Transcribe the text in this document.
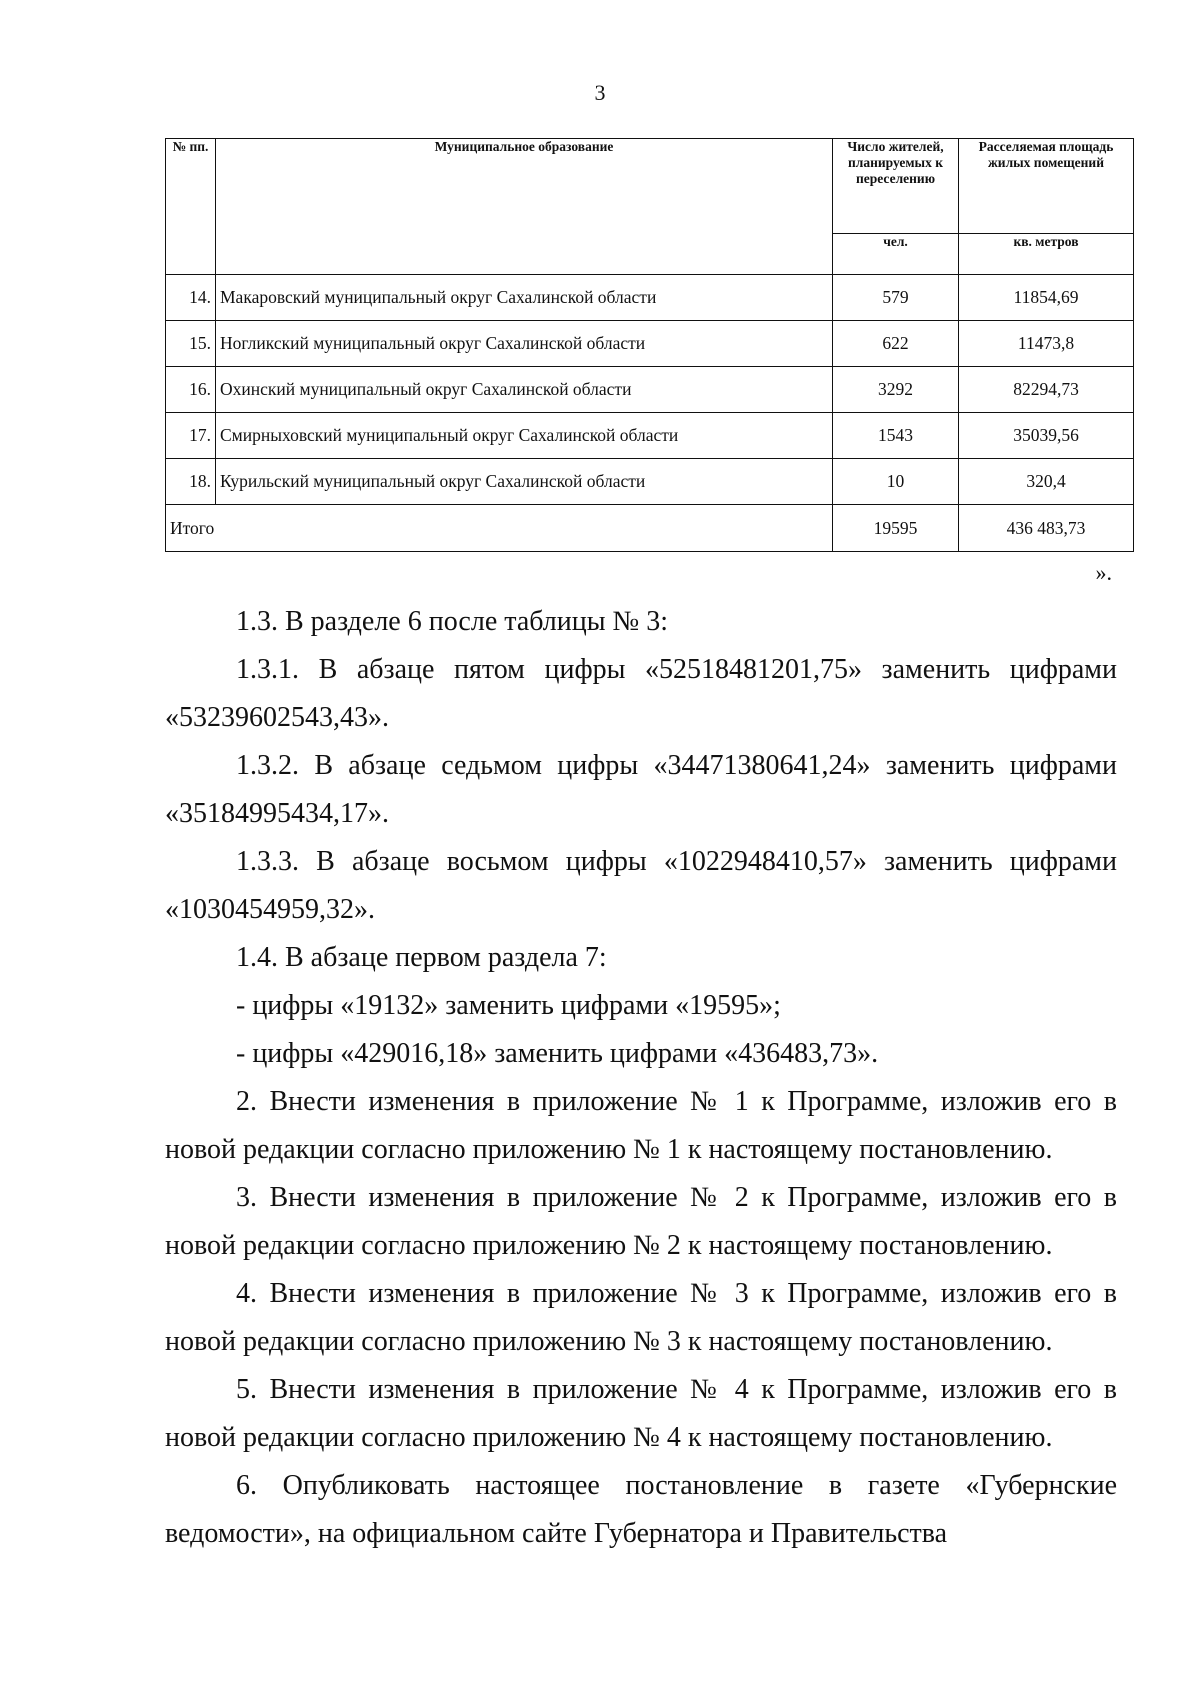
3
№ пп.	Муниципальное образование	Число жителей, планируемых к переселению	Расселяемая площадь жилых помещений
		чел.	кв. метров
14.	Макаровский муниципальный округ Сахалинской области	579	11854,69
15.	Ногликский муниципальный округ Сахалинской области	622	11473,8
16.	Охинский муниципальный округ Сахалинской области	3292	82294,73
17.	Смирныховский муниципальный округ Сахалинской области	1543	35039,56
18.	Курильский муниципальный округ Сахалинской области	10	320,4
Итого		19595	436 483,73
».

1.3. В разделе 6 после таблицы № 3:

1.3.1. В абзаце пятом цифры «52518481201,75» заменить цифрами «53239602543,43».

1.3.2. В абзаце седьмом цифры «34471380641,24» заменить цифрами «35184995434,17».

1.3.3. В абзаце восьмом цифры «1022948410,57» заменить цифрами «1030454959,32».

1.4. В абзаце первом раздела 7:

- цифры «19132» заменить цифрами «19595»;

- цифры «429016,18» заменить цифрами «436483,73».

2. Внести изменения в приложение № 1 к Программе, изложив его в новой редакции согласно приложению № 1 к настоящему постановлению.

3. Внести изменения в приложение № 2 к Программе, изложив его в новой редакции согласно приложению № 2 к настоящему постановлению.

4. Внести изменения в приложение № 3 к Программе, изложив его в новой редакции согласно приложению № 3 к настоящему постановлению.

5. Внести изменения в приложение № 4 к Программе, изложив его в новой редакции согласно приложению № 4 к настоящему постановлению.

6. Опубликовать настоящее постановление в газете «Губернские ведомости», на официальном сайте Губернатора и Правительства
